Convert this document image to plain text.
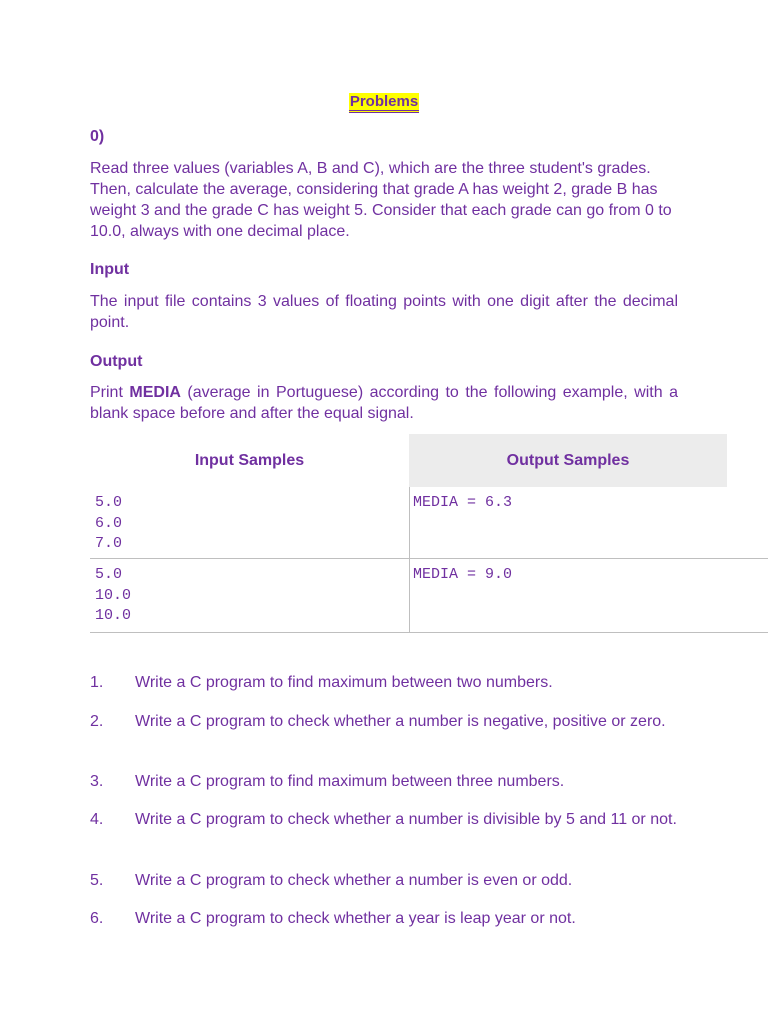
Problems
0)
Read three values (variables A, B and C), which are the three student's grades. Then, calculate the average, considering that grade A has weight 2, grade B has weight 3 and the grade C has weight 5. Consider that each grade can go from 0 to 10.0, always with one decimal place.
Input
The input file contains 3 values of floating points with one digit after the decimal point.
Output
Print MEDIA (average in Portuguese) according to the following example, with a blank space before and after the equal signal.
Input Samples	Output Samples
5.0
6.0
7.0
MEDIA = 6.3
5.0
10.0
10.0
MEDIA = 9.0
1. Write a C program to find maximum between two numbers.
2. Write a C program to check whether a number is negative, positive or zero.
3. Write a C program to find maximum between three numbers.
4. Write a C program to check whether a number is divisible by 5 and 11 or not.
5. Write a C program to check whether a number is even or odd.
6. Write a C program to check whether a year is leap year or not.
